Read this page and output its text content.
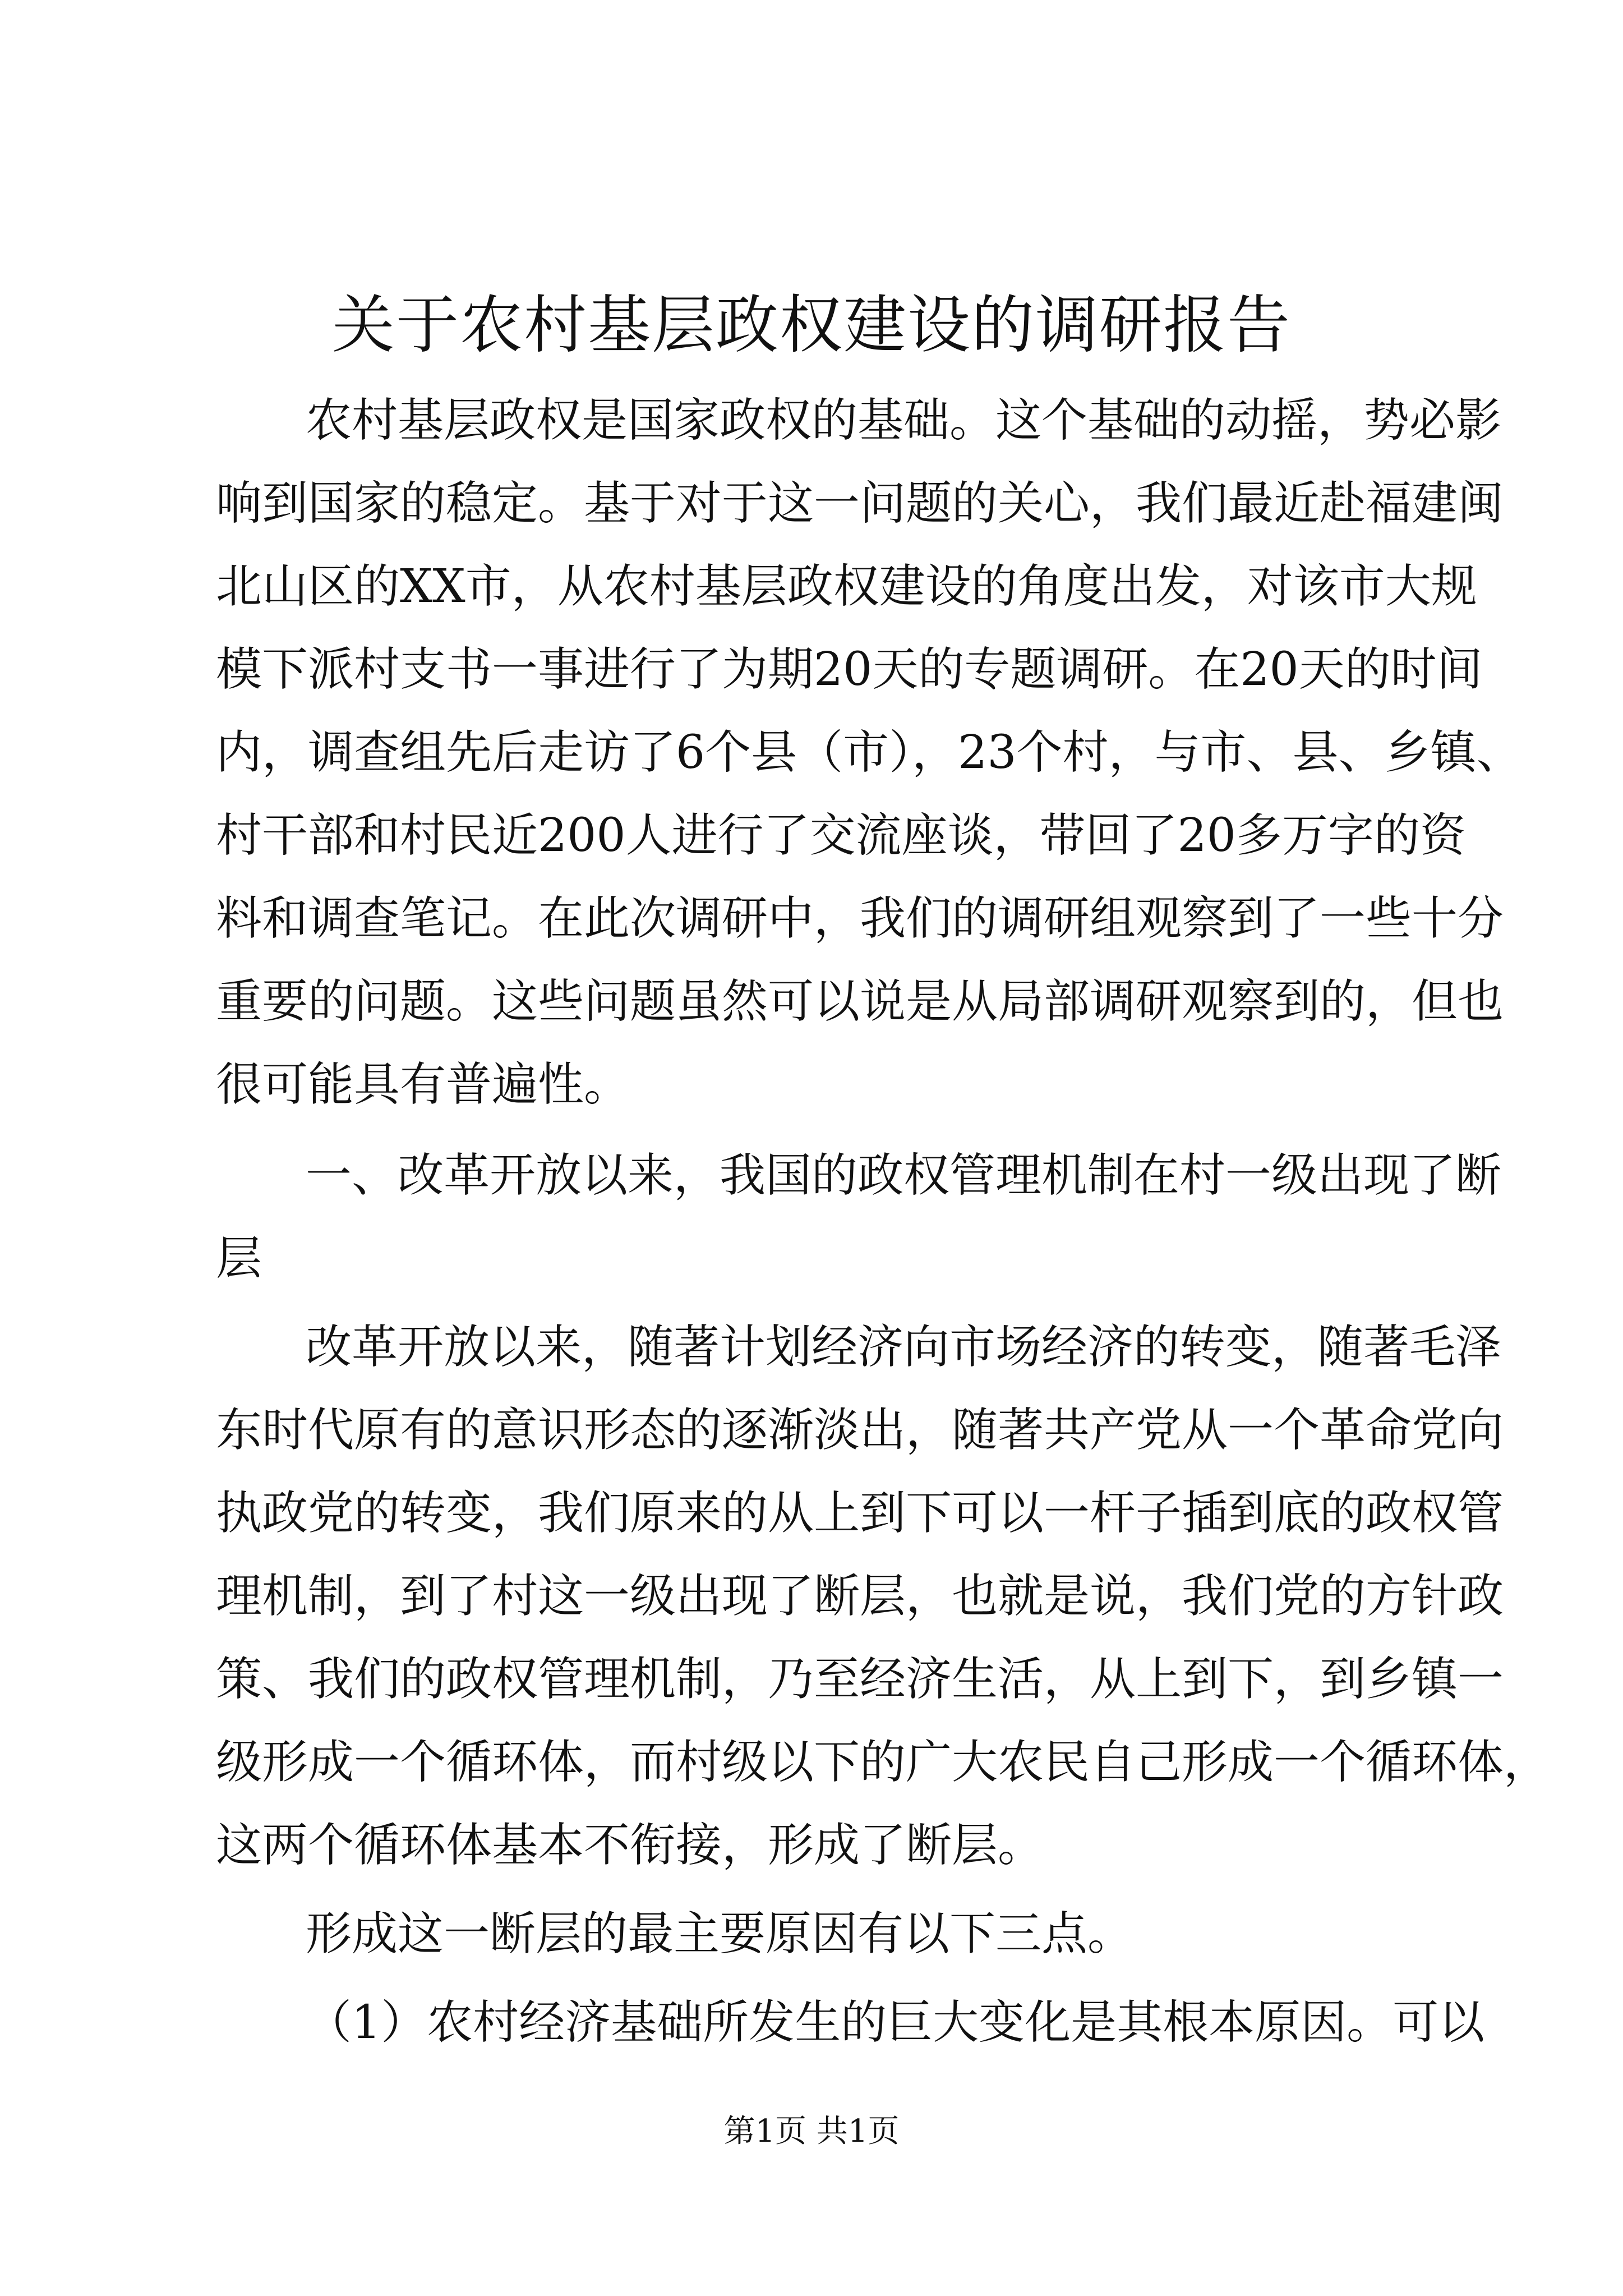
关于农村基层政权建设的调研报告
农村基层政权是国家政权的基础。这个基础的动摇，势必影
响到国家的稳定。基于对于这一问题的关心，我们最近赴福建闽
北山区的XX市，从农村基层政权建设的角度出发，对该市大规
模下派村支书一事进行了为期20天的专题调研。在20天的时间
内，调查组先后走访了6个县（市），23个村，与市、县、乡镇、
村干部和村民近200人进行了交流座谈，带回了20多万字的资
料和调查笔记。在此次调研中，我们的调研组观察到了一些十分
重要的问题。这些问题虽然可以说是从局部调研观察到的，但也
很可能具有普遍性。
一、改革开放以来，我国的政权管理机制在村一级出现了断
层
改革开放以来，随著计划经济向市场经济的转变，随著毛泽
东时代原有的意识形态的逐渐淡出，随著共产党从一个革命党向
执政党的转变，我们原来的从上到下可以一杆子插到底的政权管
理机制，到了村这一级出现了断层，也就是说，我们党的方针政
策、我们的政权管理机制，乃至经济生活，从上到下，到乡镇一
级形成一个循环体，而村级以下的广大农民自己形成一个循环体，
这两个循环体基本不衔接，形成了断层。
形成这一断层的最主要原因有以下三点。
（1）农村经济基础所发生的巨大变化是其根本原因。可以
第1页 共1页
